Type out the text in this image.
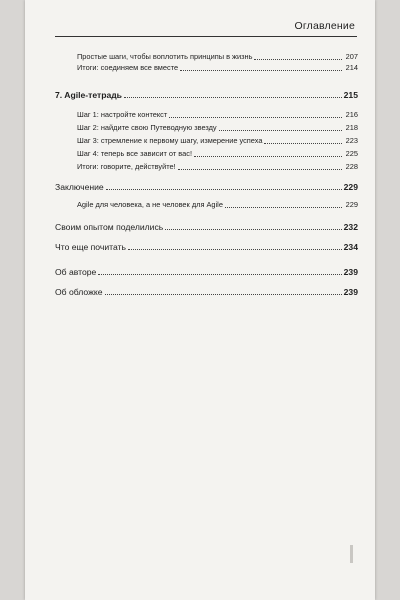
Оглавление
Простые шаги, чтобы воплотить принципы в жизнь	207
Итоги: соединяем все вместе	214
7. Agile-тетрадь	215
Шаг 1: настройте контекст	216
Шаг 2: найдите свою Путеводную звезду	218
Шаг 3: стремление к первому шагу, измерение успеха	223
Шаг 4: теперь все зависит от вас!	225
Итоги: говорите, действуйте!	228
Заключение	229
Agile для человека, а не человек для Agile	229
Своим опытом поделились	232
Что еще почитать	234
Об авторе	239
Об обложке	239
